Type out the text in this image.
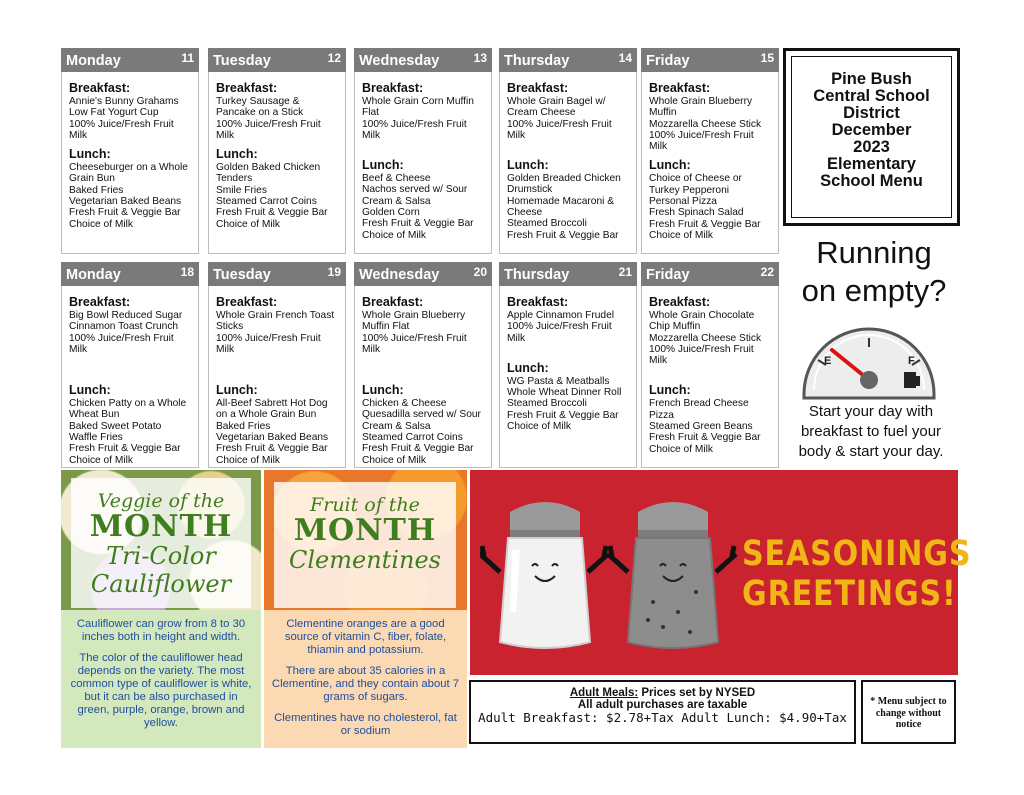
Monday	11
Breakfast:
Annie's Bunny Grahams
Low Fat Yogurt Cup
100% Juice/Fresh Fruit
Milk
Lunch:
Cheeseburger on a Whole
Grain Bun
Baked Fries
Vegetarian Baked Beans
Fresh Fruit & Veggie Bar
Choice of Milk
Tuesday	12
Breakfast:
Turkey Sausage &
Pancake on a Stick
100% Juice/Fresh Fruit
Milk
Lunch:
Golden Baked Chicken
Tenders
Smile Fries
Steamed Carrot Coins
Fresh Fruit & Veggie Bar
Choice of Milk
Wednesday	13
Breakfast:
Whole Grain Corn Muffin
Flat
100% Juice/Fresh Fruit
Milk
Lunch:
Beef & Cheese
Nachos served w/ Sour
Cream & Salsa
Golden Corn
Fresh Fruit & Veggie Bar
Choice of Milk
Thursday	14
Breakfast:
Whole Grain Bagel w/
Cream Cheese
100% Juice/Fresh Fruit
Milk
Lunch:
Golden Breaded Chicken
Drumstick
Homemade Macaroni &
Cheese
Steamed Broccoli
Fresh Fruit & Veggie Bar
Friday	15
Breakfast:
Whole Grain Blueberry
Muffin
Mozzarella Cheese Stick
100% Juice/Fresh Fruit
Milk
Lunch:
Choice of Cheese or
Turkey Pepperoni
Personal Pizza
Fresh Spinach Salad
Fresh Fruit & Veggie Bar
Choice of Milk
Monday	18
Breakfast:
Big Bowl Reduced Sugar
Cinnamon Toast Crunch
100% Juice/Fresh Fruit
Milk
Lunch:
Chicken Patty on a Whole
Wheat Bun
Baked Sweet Potato
Waffle Fries
Fresh Fruit & Veggie Bar
Choice of Milk
Tuesday	19
Breakfast:
Whole Grain French Toast
Sticks
100% Juice/Fresh Fruit
Milk
Lunch:
All-Beef Sabrett Hot Dog
on a Whole Grain Bun
Baked Fries
Vegetarian Baked Beans
Fresh Fruit & Veggie Bar
Choice of Milk
Wednesday	20
Breakfast:
Whole Grain Blueberry
Muffin Flat
100% Juice/Fresh Fruit
Milk
Lunch:
Chicken & Cheese
Quesadilla served w/ Sour
Cream & Salsa
Steamed Carrot Coins
Fresh Fruit & Veggie Bar
Choice of Milk
Thursday	21
Breakfast:
Apple Cinnamon Frudel
100% Juice/Fresh Fruit
Milk
Lunch:
WG Pasta & Meatballs
Whole Wheat Dinner Roll
Steamed Broccoli
Fresh Fruit & Veggie Bar
Choice of Milk
Friday	22
Breakfast:
Whole Grain Chocolate
Chip Muffin
Mozzarella Cheese Stick
100% Juice/Fresh Fruit
Milk
Lunch:
French Bread Cheese
Pizza
Steamed Green Beans
Fresh Fruit & Veggie Bar
Choice of Milk
Pine Bush
Central School
District
December
2023
Elementary
School Menu
Running
on empty?
E	F
Start your day with breakfast to fuel your body & start your day.
Veggie of the
MONTH
Tri-Color
Cauliflower

Cauliflower can grow from 8 to 30 inches both in height and width.

The color of the cauliflower head depends on the variety. The most common type of cauliflower is white, but it can be also purchased in green, purple, orange, brown and yellow.

Fruit of the
MONTH
Clementines

Clementine oranges are a good source of vitamin C, fiber, folate, thiamin and potassium.

There are about 35 calories in a Clementine, and they contain about 7 grams of sugars.

Clementines have no cholesterol, fat or sodium

SEASONINGS
GREETINGS!
Adult Meals: Prices set by NYSED
All adult purchases are taxable
Adult Breakfast: $2.78+Tax Adult Lunch: $4.90+Tax
* Menu subject to change without notice
